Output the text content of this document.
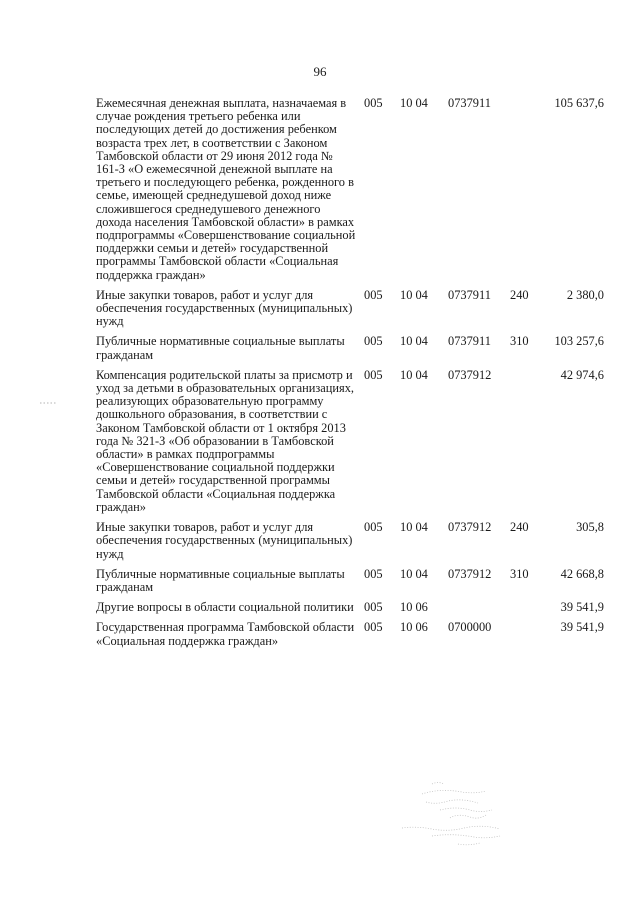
96
Ежемесячная денежная выплата, назначаемая в случае рождения третьего ребенка или последующих детей до достижения ребенком возраста трех лет, в соответствии с Законом Тамбовской области от 29 июня 2012 года № 161-З «О ежемесячной денежной выплате на третьего и последующего ребенка, рожденного в семье, имеющей среднедушевой доход ниже сложившегося среднедушевого денежного дохода населения Тамбовской области» в рамках подпрограммы «Совершенствование социальной поддержки семьи и детей» государственной программы Тамбовской области «Социальная поддержка граждан»	005	10 04	0737911		105 637,6
Иные закупки товаров, работ и услуг для обеспечения государственных (муниципальных) нужд	005	10 04	0737911	240	2 380,0
Публичные нормативные социальные выплаты гражданам	005	10 04	0737911	310	103 257,6
Компенсация родительской платы за присмотр и уход за детьми в образовательных организациях, реализующих образовательную программу дошкольного образования, в соответствии с Законом Тамбовской области от 1 октября 2013 года № 321-З «Об образовании в Тамбовской области» в рамках подпрограммы «Совершенствование социальной поддержки семьи и детей» государственной программы Тамбовской области «Социальная поддержка граждан»	005	10 04	0737912		42 974,6
Иные закупки товаров, работ и услуг для обеспечения государственных (муниципальных) нужд	005	10 04	0737912	240	305,8
Публичные нормативные социальные выплаты гражданам	005	10 04	0737912	310	42 668,8
Другие вопросы в области социальной политики	005	10 06			39 541,9
Государственная программа Тамбовской области «Социальная поддержка граждан»	005	10 06	0700000		39 541,9
